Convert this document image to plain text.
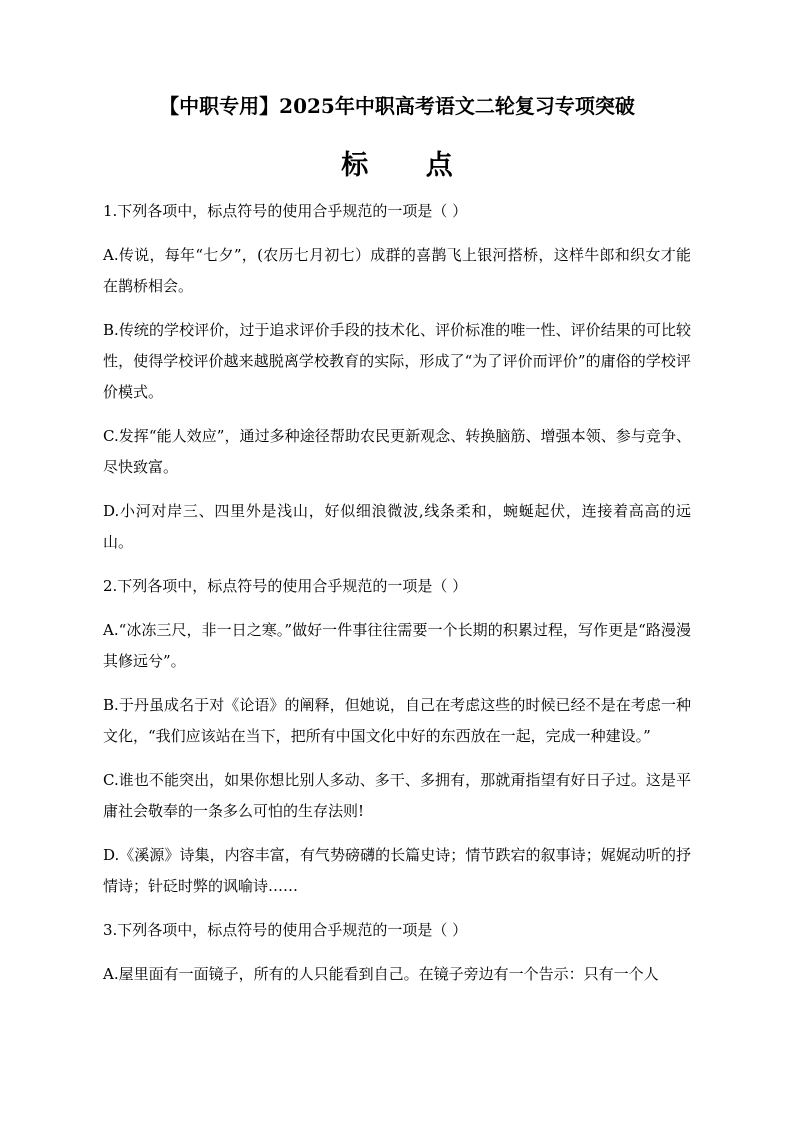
【中职专用】2025年中职高考语文二轮复习专项突破
标 点

1.下列各项中，标点符号的使用合乎规范的一项是（ ）

A.传说，每年“七夕”，(农历七月初七）成群的喜鹊飞上银河搭桥，这样牛郎和织女才能在鹊桥相会。

B.传统的学校评价，过于追求评价手段的技术化、评价标准的唯一性、评价结果的可比较性，使得学校评价越来越脱离学校教育的实际，形成了“为了评价而评价”的庸俗的学校评价模式。

C.发挥“能人效应”，通过多种途径帮助农民更新观念、转换脑筋、增强本领、参与竞争、尽快致富。

D.小河对岸三、四里外是浅山，好似细浪微波,线条柔和，蜿蜒起伏，连接着高高的远山。

2.下列各项中，标点符号的使用合乎规范的一项是（ ）

A.“冰冻三尺，非一日之寒。”做好一件事往往需要一个长期的积累过程，写作更是“路漫漫其修远兮”。

B.于丹虽成名于对《论语》的阐释，但她说，自己在考虑这些的时候已经不是在考虑一种文化，“我们应该站在当下，把所有中国文化中好的东西放在一起，完成一种建设。”

C.谁也不能突出，如果你想比别人多动、多干、多拥有，那就甭指望有好日子过。这是平庸社会敬奉的一条多么可怕的生存法则!

D.《溪源》诗集，内容丰富，有气势磅礴的长篇史诗；情节跌宕的叙事诗；娓娓动听的抒情诗；针砭时弊的讽喻诗……

3.下列各项中，标点符号的使用合乎规范的一项是（ ）

A.屋里面有一面镜子，所有的人只能看到自己。在镜子旁边有一个告示：只有一个人
